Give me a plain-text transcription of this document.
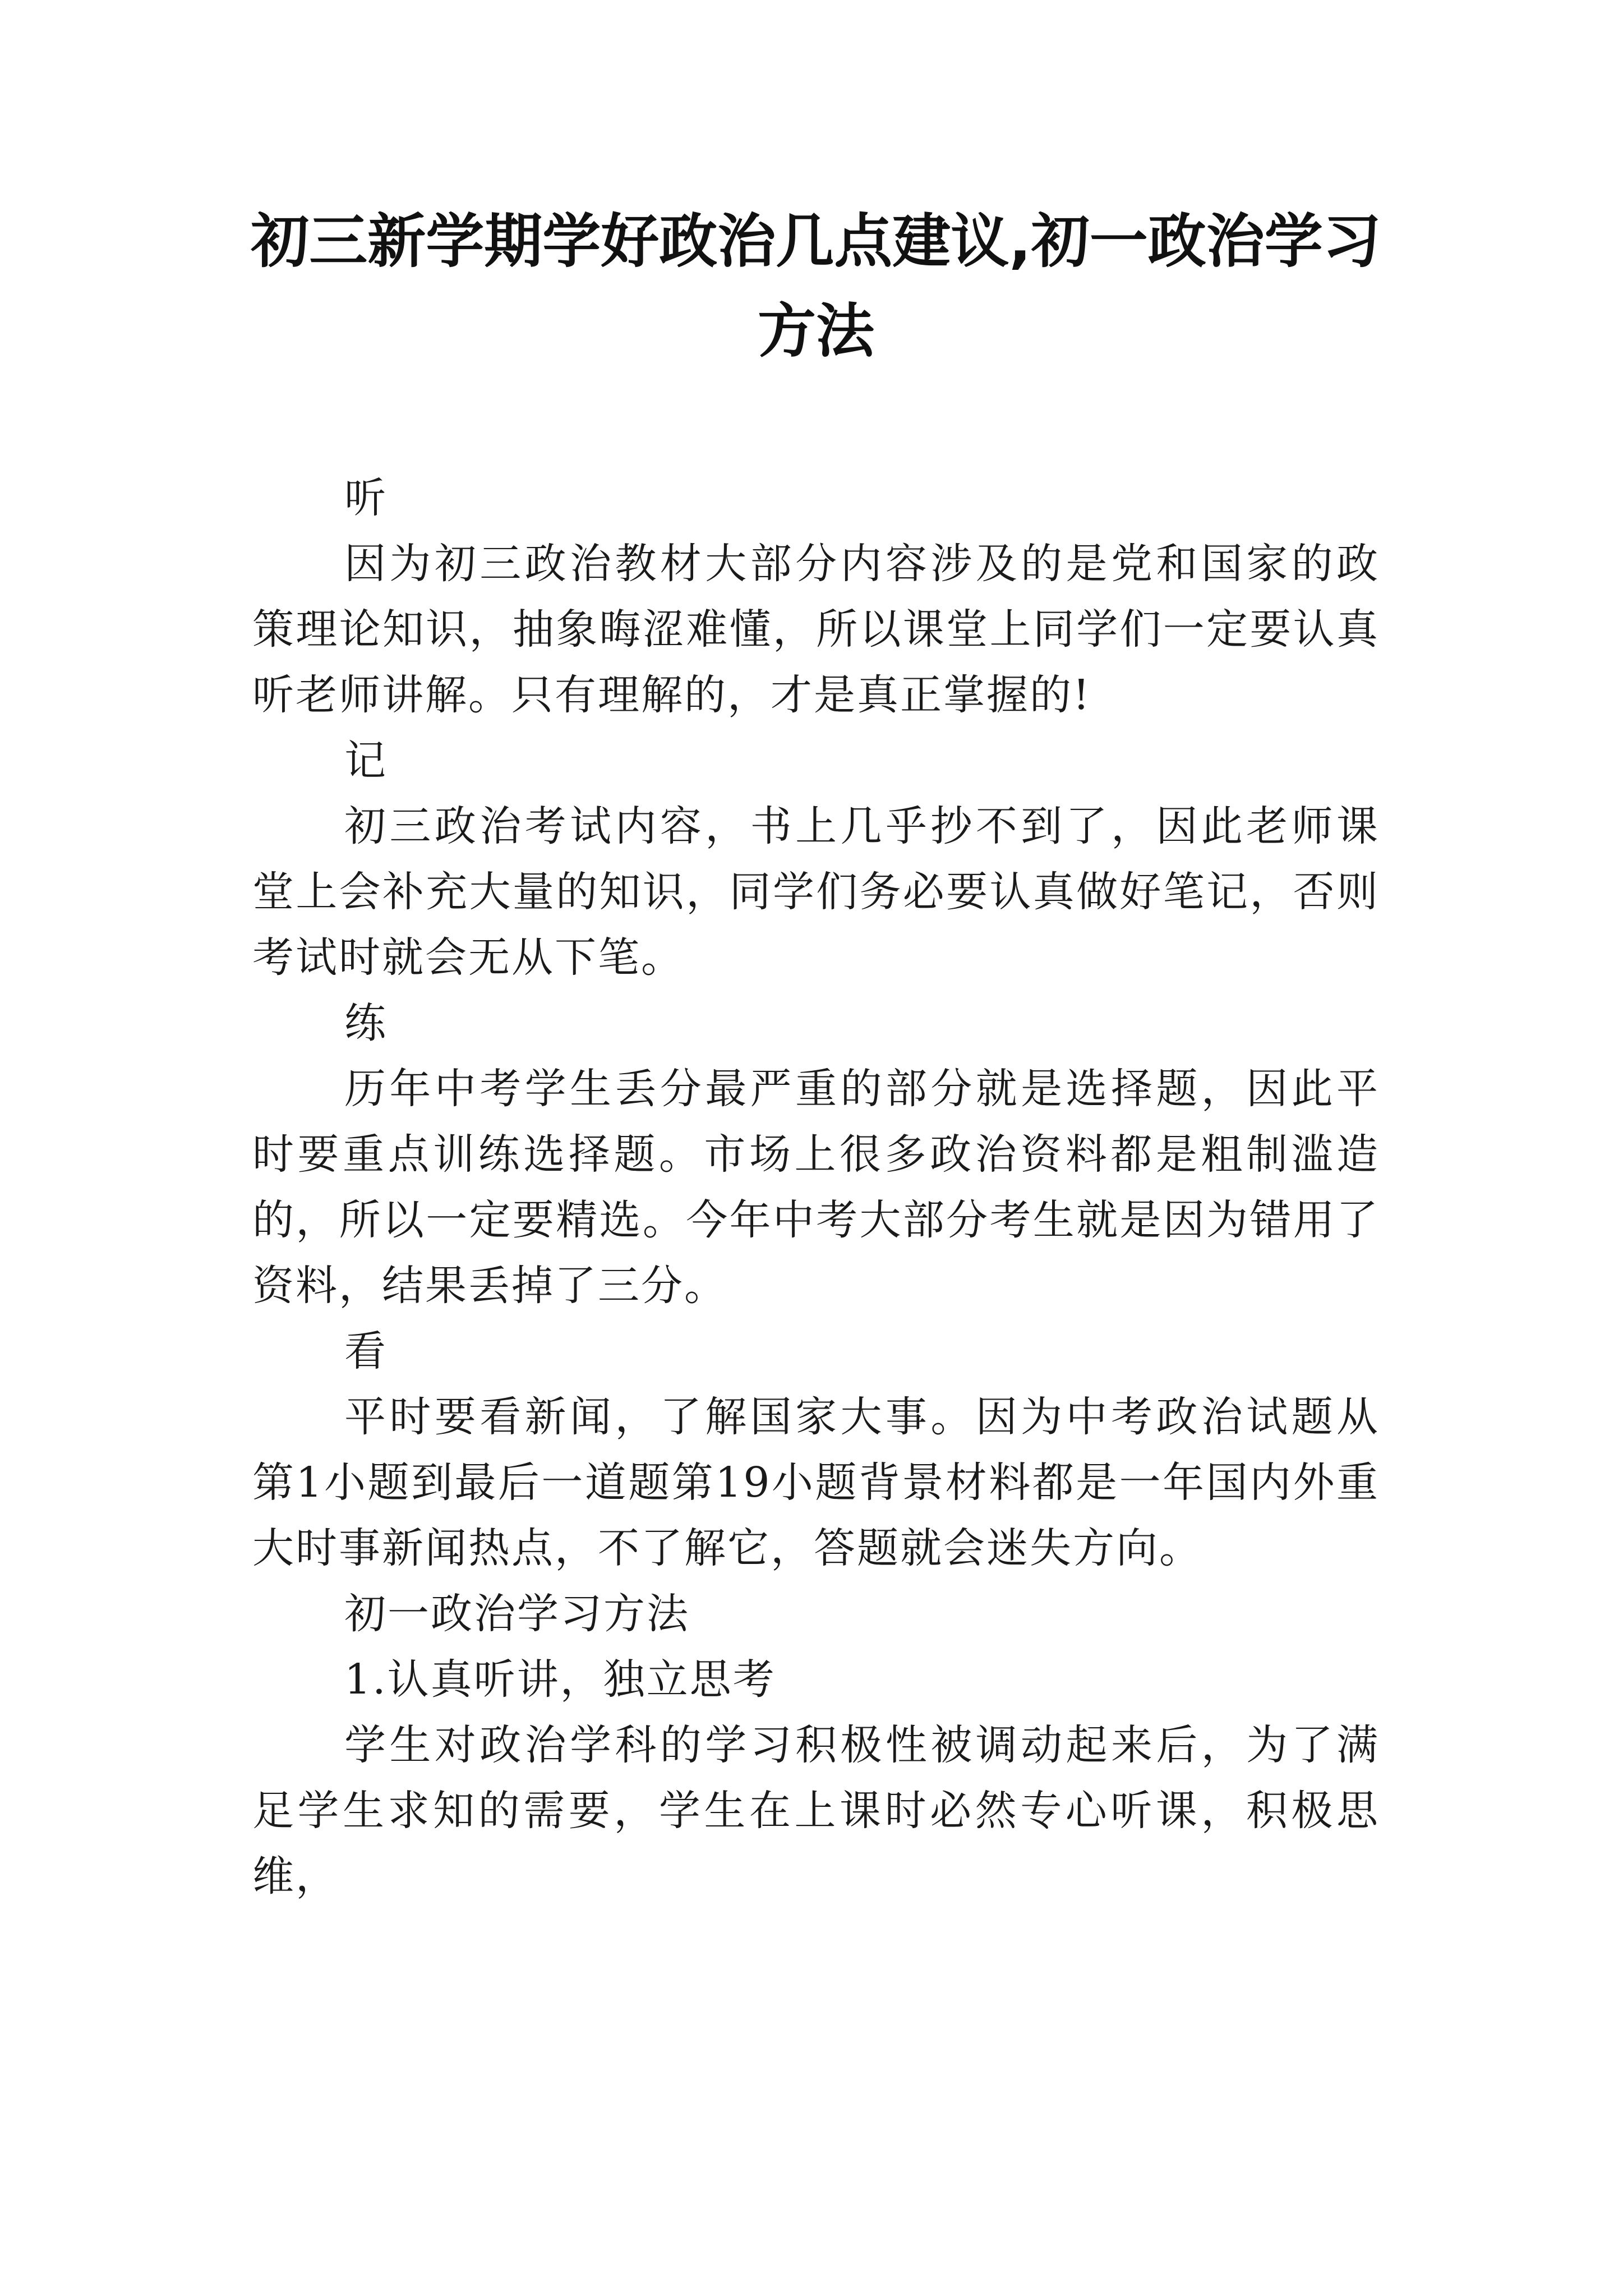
初三新学期学好政治几点建议,初一政治学习方法

听

因为初三政治教材大部分内容涉及的是党和国家的政策理论知识，抽象晦涩难懂，所以课堂上同学们一定要认真听老师讲解。只有理解的，才是真正掌握的!

记

初三政治考试内容，书上几乎抄不到了，因此老师课堂上会补充大量的知识，同学们务必要认真做好笔记，否则考试时就会无从下笔。

练

历年中考学生丢分最严重的部分就是选择题，因此平时要重点训练选择题。市场上很多政治资料都是粗制滥造的，所以一定要精选。今年中考大部分考生就是因为错用了资料，结果丢掉了三分。

看

平时要看新闻，了解国家大事。因为中考政治试题从第1小题到最后一道题第19小题背景材料都是一年国内外重大时事新闻热点，不了解它，答题就会迷失方向。

初一政治学习方法

1.认真听讲，独立思考

学生对政治学科的学习积极性被调动起来后，为了满足学生求知的需要，学生在上课时必然专心听课，积极思维，
